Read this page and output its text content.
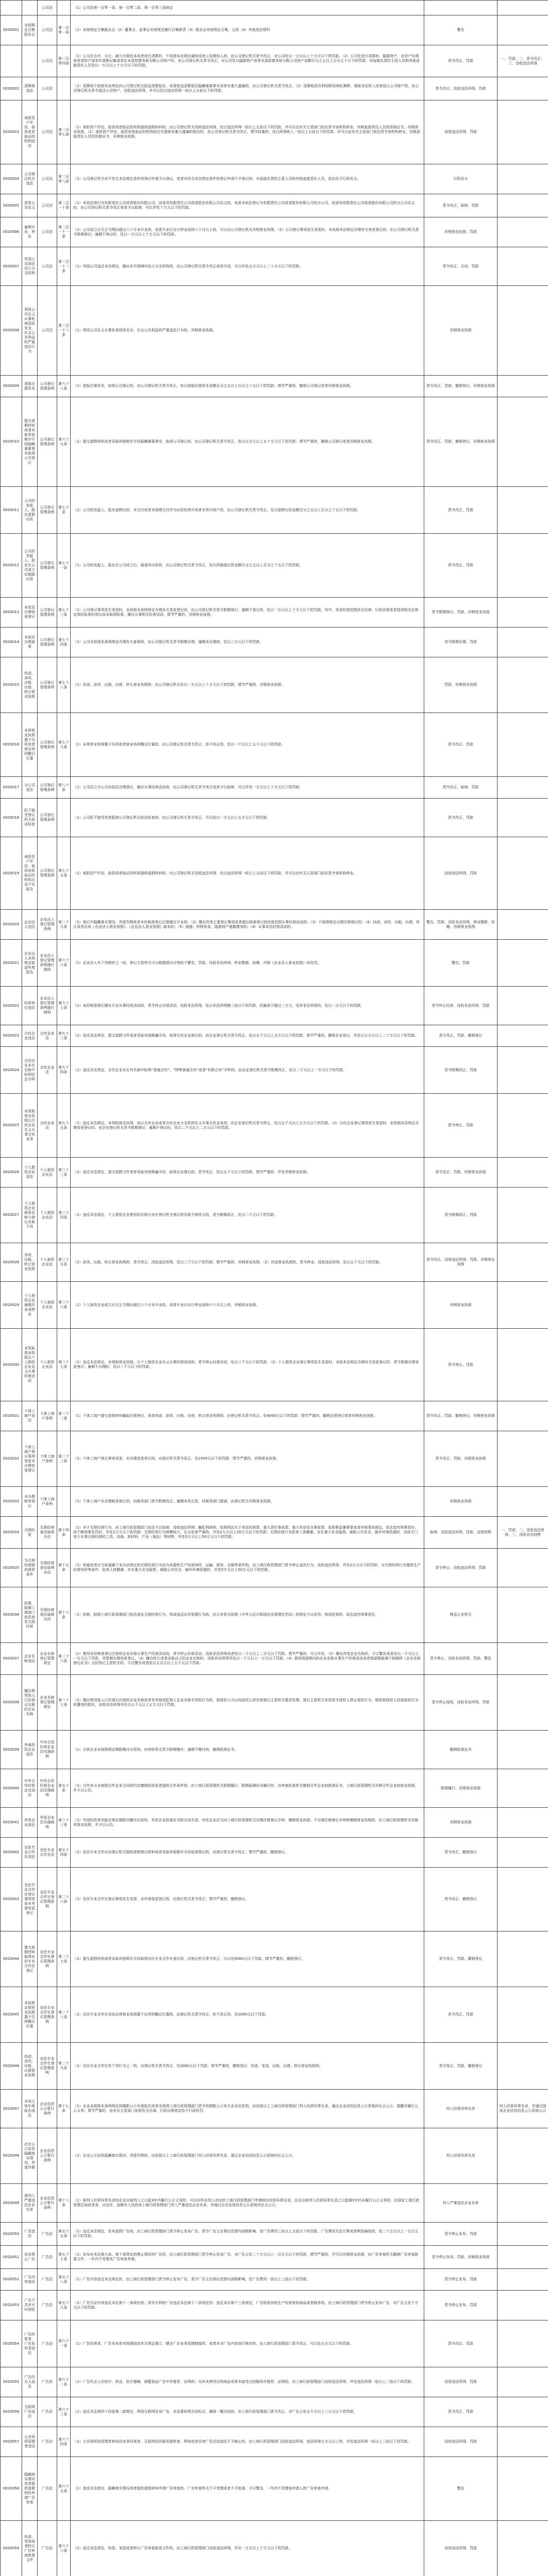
		公司法		（1）公司法第一百零一条、第一百零二条、第一百零三条规定		

0020001	未按规定召集股东会	公司法	第一百零一条	（1）未按规定召集股东会（2）董事会、监事会未按规定履行召集职责（3）股东会未按规定召集、主持（4）其他违法情形	警告	

		公司法	第二百零四条	（1）公司在合并、分立、减少注册资本或者进行清算时，不依照本法规定通知或者公告债权人的，由公司登记机关责令改正，对公司处以一万元以上十万元以下的罚款。（2）公司在进行清算时，隐匿财产，对资产负债表或者财产清单作虚假记载或者在未清偿债务前分配公司财产的，由公司登记机关责令改正，对公司处以隐匿财产或者未清偿债务前分配公司财产金额百分之五以上百分之十以下的罚款；对直接负责的主管人员和其他直接责任人员处以一万元以上十万元以下的罚款。	责令改正、罚款	一、罚款；二、责令改正；三、没收违法所得

0020002	清算组违法	公司法		（1）清算组不依照本法规定向公司登记机关报送清算报告，或者报送清算报告隐瞒重要事实或者有重大遗漏的，由公司登记机关责令改正。（2）清算组成员利用职权徇私舞弊、谋取非法收入或者侵占公司财产的，由公司登记机关责令退还公司财产，没收违法所得，并可以处以违法所得一倍以上五倍以下的罚款。	责令改正、没收违法所得、罚款	

0020003	承担资产评估、验资或者验证的机构违法	公司法	第二百零七条	（1）承担资产评估、验资或者验证的机构提供虚假材料的，由公司登记机关没收违法所得，处以违法所得一倍以上五倍以下的罚款，并可以由有关主管部门依法责令该机构停业、吊销直接责任人员的资格证书，吊销营业执照。（2）承担资产评估、验资或者验证的机构因过失提供有重大遗漏的报告的，由公司登记机关责令改正，情节较重的，处以所得收入一倍以上五倍以下的罚款，并可以由有关主管部门依法责令该机构停业、吊销直接责任人员的资格证书，吊销营业执照。	没收违法所得、罚款	

0020004	公司登记机关违法	公司法	第二百零八条	（1）公司登记机关对不符合本法规定条件的登记申请予以登记，或者对符合本法规定条件的登记申请不予登记的，对直接负责的主管人员和其他直接责任人员，依法给予行政处分。	行政处分	

0020005	冒用公司名义	公司法	第二百一十条	（1）未依法登记为有限责任公司或者股份有限公司，而冒用有限责任公司或者股份有限公司名义的，或者未依法登记为有限责任公司或者股份有限公司的分公司，而冒用有限责任公司或者股份有限公司的分公司名义的，由公司登记机关责令改正或者予以取缔，可以并处十万元以下的罚款。	责令改正、取缔、罚款	

0020006	逾期开业、停业	公司法	第二百一十一条	（1）公司成立后无正当理由超过六个月未开业的，或者开业后自行停业连续六个月以上的，可以由公司登记机关吊销营业执照。（2）公司登记事项发生变更时，未依照本法规定办理有关变更登记的，由公司登记机关责令限期登记；逾期不登记的，处以一万元以上十万元以下的罚款。	吊销营业执照、罚款	

0020007	外国公司违法设立分支机构	公司法	第二百一十二条	（1）外国公司违反本法规定，擅自在中国境内设立分支机构的，由公司登记机关责令改正或者关闭，可以并处五万元以上二十万元以下的罚款。	责令改正、关闭、罚款	

0020008	利用公司名义从事危害国家安全、社会公共利益的严重违法行为	公司法	第二百一十三条	（1）利用公司名义从事危害国家安全、社会公共利益的严重违法行为的，吊销营业执照。	吊销营业执照	

0020009	虚报注册资本	公司登记管理条例	第六十八条	（1）虚报注册资本，取得公司登记的，由公司登记机关责令改正，处以虚报注册资本金额百分之五以上百分之十五以下的罚款；情节严重的，撤销公司登记或者吊销营业执照。	责令改正、罚款、撤销登记、吊销营业执照	

0020010	提交虚假材料或者采取其他欺诈手段隐瞒重要事实取得公司登记	公司登记管理条例	第六十九条	（1）提交虚假材料或者采取其他欺诈手段隐瞒重要事实，取得公司登记的，由公司登记机关责令改正，处以五万元以上五十万元以下的罚款；情节严重的，撤销公司登记或者吊销营业执照。	责令改正、罚款、撤销登记、吊销营业执照	

0020011	公司的发起人、股东虚假出资	公司登记管理条例	第七十条	（1）公司的发起人、股东虚假出资，未交付或者未按期交付作为出资的货币或者非货币财产的，由公司登记机关责令改正，处以虚假出资金额百分之五以上百分之十五以下的罚款。	责令改正、罚款	

0020012	公司的发起人、股东在公司成立后抽逃出资	公司登记管理条例	第七十一条	（1）公司的发起人、股东在公司成立后，抽逃其出资的，由公司登记机关责令改正，处以所抽逃出资金额百分之五以上百分之十五以下的罚款。	责令改正、罚款	

0020013	未依法办理变更登记	公司登记管理条例	第七十三条	（1）公司登记事项发生变更时，未依照本条例规定办理有关变更登记的，由公司登记机关责令限期登记；逾期不登记的，处以一万元以上十万元以下的罚款。其中，变更经营范围涉及法律、行政法规或者国务院决定规定须经批准的项目而未取得批准，擅自从事相关经营活动，情节严重的，吊销营业执照。	责令限期登记、罚款、吊销营业执照	

0020014	未依法办理备案	公司登记管理条例	第七十四条	（1）公司未依照本条例规定办理有关备案的，由公司登记机关责令限期办理；逾期未办理的，处以三万元以下的罚款。	责令限期办理、罚款	

0020015	伪造、涂改、出租、出借、转让营业执照	公司登记管理条例	第七十八条	（1）伪造、涂改、出租、出借、转让营业执照的，由公司登记机关处以一万元以上十万元以下的罚款；情节严重的，吊销营业执照。	罚款、吊销营业执照	

0020016	未将营业执照置于住所或者营业场所醒目位置	公司登记管理条例	第七十九条	（1）未将营业执照置于住所或者营业场所醒目位置的，由公司登记机关责令改正；拒不改正的，处以一千元以上五千元以下的罚款。	责令改正、罚款	

0020017	分公司违法	公司登记管理条例	第八十条	（1）公司设立分公司未依法办理登记，擅自从事经营活动的，由公司登记机关责令改正或者予以取缔，可以并处一万元以上十万元以下的罚款。	责令改正、取缔、罚款	

0020018	拒不接受登记机关依法检查	公司登记管理条例		（1）公司拒不接受或者阻挠公司登记机关依法检查的，由公司登记机关责令改正，可以处以一万元以上五万元以下的罚款。	责令改正、罚款	

0020019	承担资产评估、验资或者验证的机构出具不实报告	公司登记管理条例	第七十五条	（1）承担资产评估、验资或者验证的机构提供虚假材料的，由公司登记机关没收违法所得，处以违法所得一倍以上五倍以下的罚款，并可以由有关主管部门依法责令该机构停业。	没收违法所得、罚款	

0020020	企业法人违法	企业法人登记管理条例	第二十九条	（1）登记中隐瞒真实情况、弄虚作假或者未经核准登记注册擅自开业的；（2）擅自改变主要登记事项或者超出核准登记的经营范围从事经营活动的；（3）不按照规定办理注销登记的；（4）伪造、涂改、出租、出借、转让或者出卖《企业法人营业执照》、《企业法人营业执照》副本的；（5）抽逃、转移资金，隐匿财产逃避债务的；（6）从事非法经营活动的。	警告、罚款、没收非法所得、停业整顿、扣缴、吊销营业执照	

0020021	企业法人未按规定报送年度报告	企业法人登记管理条例施行细则	第六十六条	（1）企业法人有下列情形之一的，登记主管机关可以根据情况分别给予警告、罚款、没收非法所得、停业整顿、扣缴、吊销《企业法人营业执照》的处罚。	警告、罚款	

0020022	经营单位违法	企业法人登记管理条例施行细则	第六十七条	（1）未经核准登记擅自开业从事经营活动的，责令终止经营活动，没收非法所得，处以非法所得额三倍以下的罚款，但最高不超过三万元，没有非法所得的，处以一万元以下的罚款。	责令终止经营、没收非法所得、罚款	

0020023	合伙企业违法	合伙企业法	第九十三条	（1）违反本法规定，提交虚假文件或者采取其他欺骗手段，取得合伙企业登记的，由企业登记机关责令改正，处以五千元以上五万元以下的罚款；情节严重的，撤销企业登记，并处以五万元以上二十万元以下的罚款。	责令改正、罚款、撤销登记	

0020024	合伙企业未在名称中标明法定字样	合伙企业法	第九十四条	（1）违反本法规定，合伙企业未在其名称中标明“普通合伙”、“特殊普通合伙”或者“有限合伙”字样的，由企业登记机关责令限期改正，处以二千元以上一万元以下的罚款。	责令限期改正、罚款	

0020025	未领取营业执照以合伙企业名义从事合伙业务	合伙企业法	第九十五条	（1）违反本法规定，未领取营业执照，而以合伙企业或者合伙企业分支机构名义从事合伙业务的，由企业登记机关责令停止，处以五千元以上五万元以下的罚款。（2）合伙企业登记事项发生变更时，未依照本法规定办理变更登记的，由企业登记机关责令限期登记；逾期不登记的，处以二千元以上二万元以下的罚款。	责令停止、罚款	

0020026	个人独资企业违法	个人独资企业法	第三十三条	（1）违反本法规定，提交虚假文件或者采取其他欺骗手段，取得企业登记的，责令改正，处以五千元以下的罚款；情节严重的，并处吊销营业执照。	责令改正、罚款、吊销营业执照	

0020027	个人独资企业使用名称与登记名称不符	个人独资企业法	第三十四条	（1）违反本法规定，个人独资企业使用的名称与其在登记机关登记的名称不相符合的，责令限期改正，处以二千元以下的罚款。	责令限期改正、罚款	

0020028	涂改、出租、转让营业执照	个人独资企业法	第三十五条	（1）涂改、出租、转让营业执照的，责令改正，没收违法所得，处以三千元以下的罚款；情节严重的，吊销营业执照。（2）伪造营业执照的，责令停业，没收违法所得，处以五千元以下的罚款。	责令改正、没收违法所得、罚款、吊销营业执照	

0020029	个人独资企业逾期开业或停业	个人独资企业法	第三十六条	（1）个人独资企业成立后无正当理由超过六个月未开业的，或者开业后自行停业连续六个月以上的，吊销营业执照。	吊销营业执照	

0020030	未领取营业执照以个人独资企业名义从事经营活动	个人独资企业法	第三十七条	（1）违反本法规定，未领取营业执照，以个人独资企业名义从事经营活动的，责令停止经营活动，处以三千元以下的罚款。（2）个人独资企业登记事项发生变更时，未按本法规定办理有关变更登记的，责令限期办理变更登记；逾期不办理的，处以二千元以下的罚款。	责令停止、罚款	

0020031	个体工商户违法	个体工商户条例	第二十二条	（1）个体工商户提交虚假材料骗取注册登记，或者伪造、涂改、出租、出借、转让营业执照的，由登记机关责令改正，处4000元以下的罚款；情节严重的，撤销注册登记或者吊销营业执照。	责令改正、罚款、撤销登记、吊销营业执照	

0020032	个体工商户登记事项变更未办理变更登记	个体工商户条例	第二十三条	（1）个体工商户登记事项变更，未办理变更登记的，由登记机关责令改正，处1500元以下的罚款；情节严重的，吊销营业执照。	责令改正、罚款、吊销营业执照	

0020033	未办理税务登记	个体工商户条例		（1）个体工商户未办理税务登记的，由税务部门责令限期改正；逾期未改正的，经税务部门提请，由登记机关吊销营业执照。	吊销营业执照	

0020034	无照经营	无照经营查处取缔办法	第十四条	（1）对于无照经营行为，由工商行政管理部门依法予以取缔，没收违法所得；触犯刑律的，依照刑法关于非法经营罪、重大责任事故罪、重大劳动安全事故罪、危险物品肇事罪或者其他罪的规定，依法追究刑事责任；尚不够刑事处罚的，并处2万元以下的罚款；无照经营行为规模较大、社会危害严重的，并处2万元以上20万元以下的罚款；无照经营行为危害人体健康、存在重大安全隐患、威胁公共安全、破坏环境资源的，没收专门用于从事无照经营的工具、设备、原材料、产品（商品）等财物，并处5万元以上50万元以下的罚款。	取缔、没收违法所得、罚款、没收财物	一、罚款；二、没收违法所得；三、没收非法财物

0020035	为无照经营提供便利条件	无照经营查处取缔办法	第十五条	（1）知道或者应当知道属于本办法规定的无照经营行为而为其提供生产经营场所、运输、保管、仓储等条件的，由工商行政管理部门责令停止违法行为，没收违法所得，并处2万元以下的罚款；为无照经营行为提供生产经营场所等条件，危害人体健康、存在重大安全隐患、威胁公共安全、破坏环境资源的，并处5万元以上50万元以下的罚款。	责令停止、没收违法所得、罚款	

0020036	拒绝、阻碍工商部门依法查处无照经营	无照经营查处取缔办法	第十六条	（1）拒绝、阻碍工商行政管理部门依法查处无照经营行为，构成违反治安管理行为的，由公安机关依照《中华人民共和国治安管理处罚法》的规定予以处罚；构成犯罪的，依法追究刑事责任。	移送公安机关	

0020037	企业名称违法	企业名称登记管理规定	第二十六条	（1）使用未经核准登记注册的企业名称从事生产经营活动的，责令停止经营活动，没收非法所得或者处以二千元以上二万元以下罚款，情节严重的，可以并处。（2）擅自改变企业名称的，予以警告或者处以一千元以上一万元以下罚款，并限期办理变更登记。（3）擅自转让或者出租自己的企业名称的，没收非法所得并处以一千元以上一万元以下罚款。（4）使用保留期内的企业名称从事生产经营活动或者保留期届满不按期将《企业名称登记证书》交回登记主管机关的，予以警告或者处以五百元以上五千元以下罚款。	责令停止、没收非法所得、罚款、警告	

0020038	擅自使用他人已经登记注册的企业名称	企业名称登记管理规定	第二十七条	（1）擅自使用他人已经登记注册的企业名称或者有其他侵犯他人企业名称专用权行为的，被侵权人可以向侵权人所在地登记主管机关要求处理。登记主管机关有权责令侵权人停止侵权行为，赔偿被侵权人因该侵权行为所遭受的损失，没收非法所得并处以五千元以上五万元以下罚款。	责令停止侵权、没收非法所得、罚款	

0020039	外商投资企业违法	中外合资经营企业法实施条例		（1）合营企业未按照规定期限缴付出资的，由审批机关责令限期缴付；逾期不缴付的，撤销批准证书。	撤销批准证书	

0020040	中外合作经营企业违法	中外合作经营企业法实施细则	第五十条	（1）合作各方未按照合作企业合同的约定缴纳投资或者提供合作条件的，由工商行政管理机关限期履行；限期届满仍未履行的，由审查批准机关撤销合作企业的批准证书，工商行政管理机关吊销合作企业的营业执照，并予以公告。	限期履行、吊销营业执照	

0020041	外资企业违法	外资企业法实施细则	第三十三条	（1）外国投资者未能在规定期限内缴付出资的，外资企业批准证书即自动失效。外资企业应当向工商行政管理机关办理注销登记手续，缴销营业执照；不办理注销登记手续和缴销营业执照的，由工商行政管理机关吊销其营业执照，并予以公告。	吊销营业执照	

0020042	农民专业合作社违法	农民专业合作社法	第五十四条	（1）农民专业合作社向登记机关提供虚假登记材料或者采取其他欺诈手段取得登记的，由登记机关责令改正；情节严重的，撤销登记。	责令改正、撤销登记	

0020043	农民专业合作社登记事项变更未申请变更登记	农民专业合作社登记管理条例	第二十六条	（1）农民专业合作社登记事项发生变更，未申请变更登记的，由登记机关责令改正；情节严重的，撤销登记。	责令改正、撤销登记	

0020044	提交虚假材料取得农民专业合作社登记	农民专业合作社登记管理条例	第二十七条	（1）提交虚假材料或者采取其他欺诈手段取得农民专业合作社登记的，由登记机关责令改正，可以处5000元以下罚款；情节严重的，撤销登记。	责令改正、罚款、撤销登记	

0020045	未按规定将营业执照置于住所醒目位置	农民专业合作社登记管理条例	第二十八条	（1）农民专业合作社未依法将营业执照置于住所的醒目位置的，由登记机关责令改正；拒不改正的，处1000元以下罚款。	责令改正、罚款	

0020046	伪造、涂改、出租、出借营业执照	农民专业合作社登记管理条例	第二十九条	（1）农民专业合作社有下列行为之一的，由登记机关责令改正，处2000元以下罚款；情节严重的，撤销登记：伪造、变造、出租、出借、转让营业执照的。	责令改正、罚款、撤销登记	

0020047	市场主体年度报告违法	企业信息公示暂行条例	第十七条	（1）企业未按照本条例规定的期限公示年度报告或者未按照工商行政管理部门责令的期限公示有关企业信息的，由县级以上工商行政管理部门列入经营异常名录，通过企业信用信息公示系统向社会公示，提醒其履行公示义务；情节严重的，由有关主管部门依照有关法律、行政法规规定给予行政处罚。	列入经营异常名录	列入经营异常名录，并通过国家企业信用信息公示系统公示

0020048	企业公示信息隐瞒真实情况、弄虚作假	企业信息公示暂行条例		（1）企业公示信息隐瞒真实情况、弄虚作假的，由县级以上工商行政管理部门列入经营异常名录，通过企业信用信息公示系统向社会公示。	列入经营异常名录	

0020049	被列入严重违法企业名单	企业信息公示暂行条例	第十八条	（1）被列入经营异常名录的企业自被列入之日起3年内履行公示义务的，可以向作出列入决定的工商行政管理部门申请移出经营异常名录。企业自被列入经营异常名录之日起满3年仍未履行公示义务的，由国家工商行政管理总局或者省、自治区、直辖市人民政府工商行政管理部门列入严重违法企业名单，并通过企业信用信息公示系统向社会公示。	列入严重违法企业名单	

0020050	广告违法	广告法	第五十五条	（1）违反本法规定，发布虚假广告的，由工商行政管理部门责令停止发布广告，责令广告主在相应范围内消除影响，处广告费用三倍以上五倍以下的罚款，广告费用无法计算或者明显偏低的，处二十万元以上一百万元以下的罚款。	责令停止发布、罚款	

0020051	发布禁止广告	广告法	第五十七条	（1）发布有本法第九条、第十条规定的禁止情形的广告的，由工商行政管理部门责令停止发布广告，对广告主处二十万元以上一百万元以下的罚款，情节严重的，并可以吊销营业执照，由广告审查机关撤销广告审查批准文件、一年内不受理其广告审查申请。	责令停止发布、罚款、吊销营业执照	

0020052	广告内容违法	广告法	第五十八条	（1）广告内容违反本法规定的，由工商行政管理部门责令停止发布广告，责令广告主在相应范围内消除影响，处广告费用一倍以上三倍以下的罚款。	责令停止发布、罚款	

0020053	广告不具有可识别性	广告法	第五十九条	（1）广告引证内容违反本法第十一条规定的；涉及专利的广告违反本法第十二条规定的；违反本法第十三条规定，广告贬低其他生产经营者的商品或者服务的。由工商行政管理部门责令停止发布广告，对广告主处十万元以下的罚款。	责令停止发布、罚款	

0020054	广告经营者、广告发布者违法	广告法	第六十一条	（1）广告经营者、广告发布者未按照国家有关规定建立、健全广告业务管理制度的，或者未对广告内容进行核对的，由工商行政管理部门责令改正，可以处五万元以下的罚款。	责令改正、罚款	

0020055	广告代言人违法	广告法	第六十二条	（1）广告代言人在医疗、药品、医疗器械、保健食品广告中作推荐、证明的；为其未使用过的商品或者未接受过的服务作推荐、证明的。由工商行政管理部门没收违法所得，并处违法所得一倍以上二倍以下的罚款。	没收违法所得、罚款	

0020056	互联网广告违法	广告法	第六十三条	（1）违反本法第四十四条第二款规定，利用互联网发布广告，未显著标明关闭标志，确保一键关闭的，由工商行政管理部门责令改正，对广告主处五千元以上三万元以下的罚款。	责令改正、罚款	

0020057	公共场所管理者违法	广告法	第六十四条	（1）公共场所的管理者和电信业务经营者、互联网信息服务提供者，明知或者应知广告活动违法不予制止的，由工商行政管理部门没收违法所得，违法所得五万元以上的，并处违法所得一倍以上三倍以下的罚款。	没收违法所得、罚款	

0020058	隐瞒真实情况或者提供虚假材料申请广告审查	广告法	第六十五条	（1）违反本法规定，隐瞒真实情况或者提供虚假材料申请广告审查的，广告审查机关不予受理或者不予批准，予以警告，一年内不受理该申请人的广告审查申请。	警告	

0020059	伪造、变造或者转让广告审查批准文件	广告法	第六十六条	（1）违反本法规定，伪造、变造或者转让广告审查批准文件的，由工商行政管理部门没收违法所得，并处一万元以上十万元以下的罚款。	没收违法所得、罚款	
